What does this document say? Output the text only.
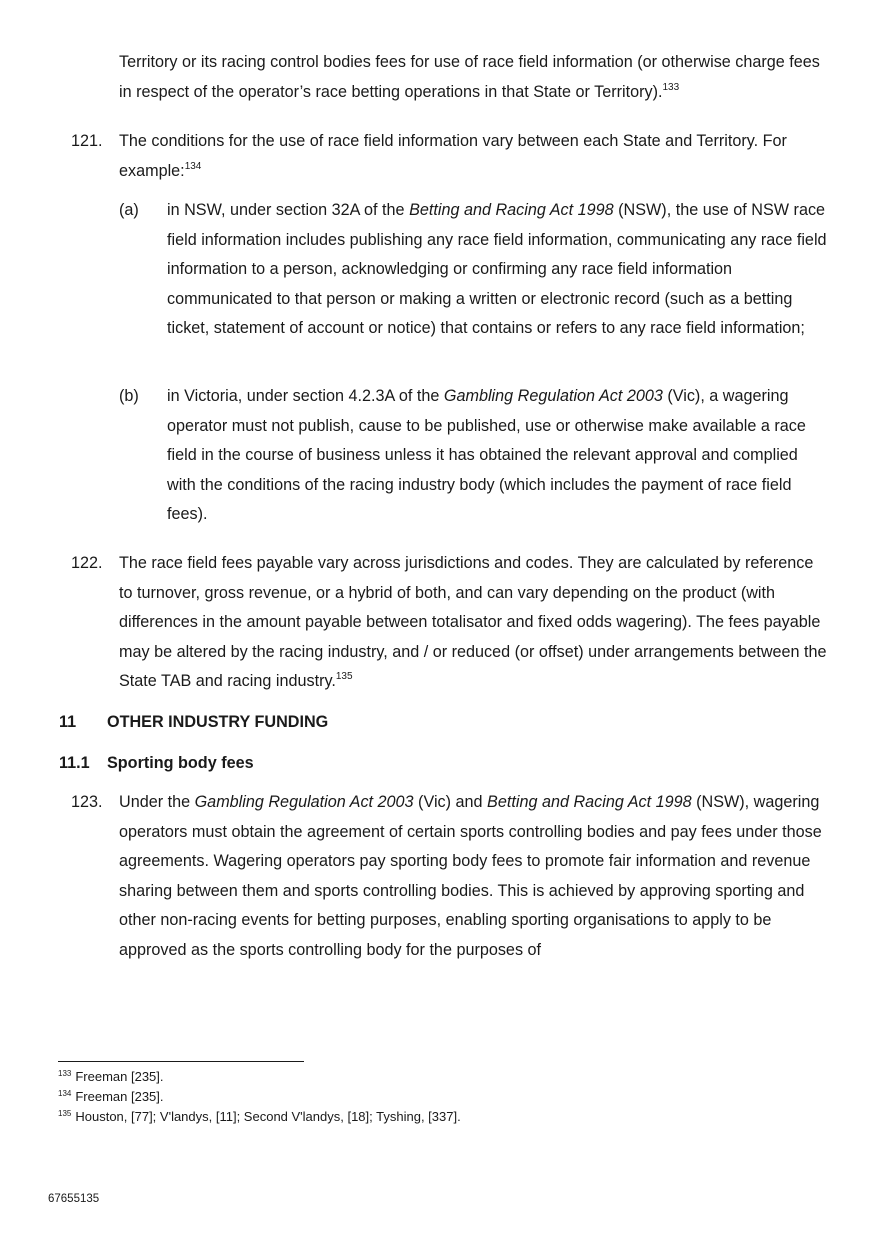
Territory or its racing control bodies fees for use of race field information (or otherwise charge fees in respect of the operator’s race betting operations in that State or Territory).$^{133}$
121. The conditions for the use of race field information vary between each State and Territory. For example:$^{134}$
(a) in NSW, under section 32A of the Betting and Racing Act 1998 (NSW), the use of NSW race field information includes publishing any race field information, communicating any race field information to a person, acknowledging or confirming any race field information communicated to that person or making a written or electronic record (such as a betting ticket, statement of account or notice) that contains or refers to any race field information;
(b) in Victoria, under section 4.2.3A of the Gambling Regulation Act 2003 (Vic), a wagering operator must not publish, cause to be published, use or otherwise make available a race field in the course of business unless it has obtained the relevant approval and complied with the conditions of the racing industry body (which includes the payment of race field fees).
122. The race field fees payable vary across jurisdictions and codes. They are calculated by reference to turnover, gross revenue, or a hybrid of both, and can vary depending on the product (with differences in the amount payable between totalisator and fixed odds wagering). The fees payable may be altered by the racing industry, and / or reduced (or offset) under arrangements between the State TAB and racing industry.$^{135}$
11 OTHER INDUSTRY FUNDING
11.1 Sporting body fees
123. Under the Gambling Regulation Act 2003 (Vic) and Betting and Racing Act 1998 (NSW), wagering operators must obtain the agreement of certain sports controlling bodies and pay fees under those agreements. Wagering operators pay sporting body fees to promote fair information and revenue sharing between them and sports controlling bodies. This is achieved by approving sporting and other non-racing events for betting purposes, enabling sporting organisations to apply to be approved as the sports controlling body for the purposes of
$^{133}$ Freeman [235].
$^{134}$ Freeman [235].
$^{135}$ Houston, [77]; V'landys, [11]; Second V'landys, [18]; Tyshing, [337].
67655135
